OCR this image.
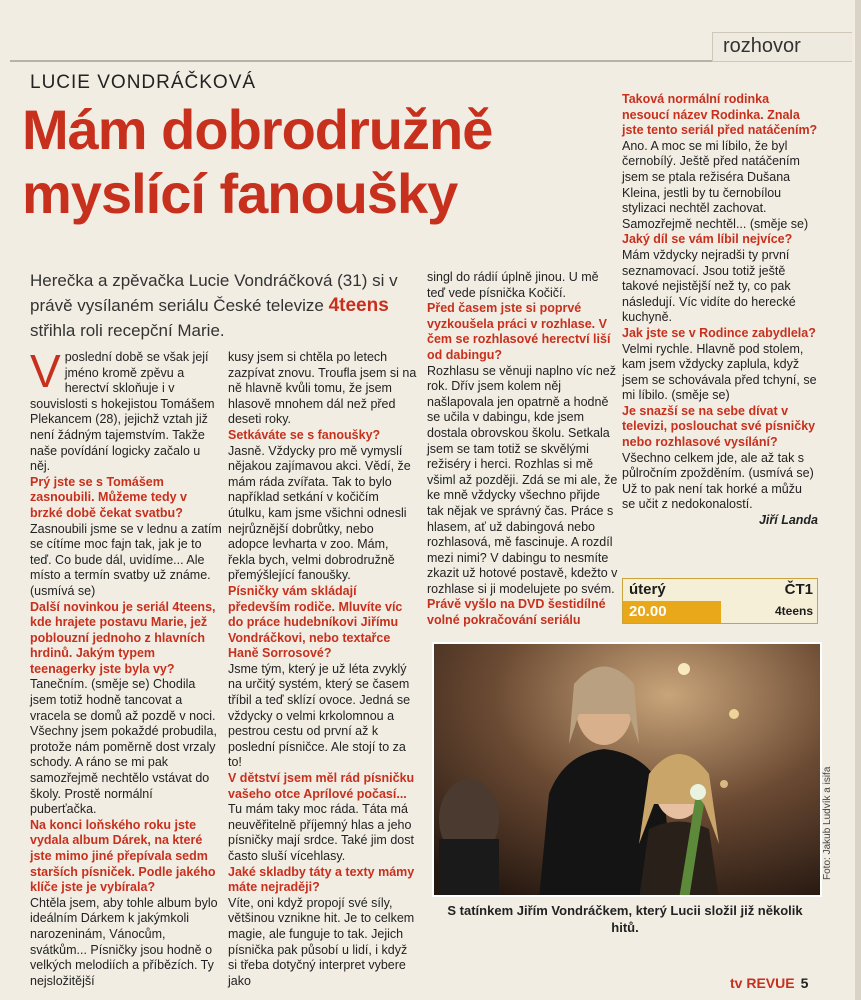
rozhovor
LUCIE VONDRÁČKOVÁ
Mám dobrodružně
myslící fanoušky
Herečka a zpěvačka Lucie Vondráčková (31) si v právě vysílaném seriálu České televize 4teens střihla roli recepční Marie.

Vposlední době se však její jméno kromě zpěvu a herectví skloňuje i v souvislosti s hokejistou Tomášem Plekancem (28), jejichž vztah již není žádným tajemstvím. Takže naše povídání logicky začalo u něj.

Prý jste se s Tomášem zasnoubili. Můžeme tedy v brzké době čekat svatbu?

Zasnoubili jsme se v lednu a zatím se cítíme moc fajn tak, jak je to teď. Co bude dál, uvidíme... Ale místo a termín svatby už známe. (usmívá se)

Další novinkou je seriál 4teens, kde hrajete postavu Marie, jež poblouzní jednoho z hlavních hrdinů. Jakým typem teenagerky jste byla vy?

Tanečním. (směje se) Chodila jsem totiž hodně tancovat a vracela se domů až pozdě v noci. Všechny jsem pokaždé probudila, protože nám poměrně dost vrzaly schody. A ráno se mi pak samozřejmě nechtělo vstávat do školy. Prostě normální puberťačka.

Na konci loňského roku jste vydala album Dárek, na které jste mimo jiné přepívala sedm starších písniček. Podle jakého klíče jste je vybírala?

Chtěla jsem, aby tohle album bylo ideálním Dárkem k jakýmkoli narozeninám, Vánocům, svátkům... Písničky jsou hodně o velkých melodiích a příbězích. Ty nejsložitější

kusy jsem si chtěla po letech zazpívat znovu. Troufla jsem si na ně hlavně kvůli tomu, že jsem hlasově mnohem dál než před deseti roky.

Setkáváte se s fanoušky?

Jasně. Vždycky pro mě vymyslí nějakou zajímavou akci. Vědí, že mám ráda zvířata. Tak to bylo například setkání v kočičím útulku, kam jsme všichni odnesli nejrůznější dobrůtky, nebo adopce levharta v zoo. Mám, řekla bych, velmi dobrodružně přemýšlející fanoušky.

Písničky vám skládají především rodiče. Mluvíte víc do práce hudebníkovi Jiřímu Vondráčkovi, nebo textařce Haně Sorrosové?

Jsme tým, který je už léta zvyklý na určitý systém, který se časem tříbil a teď sklízí ovoce. Jedná se vždycky o velmi krkolomnou a pestrou cestu od první až k poslední písničce. Ale stojí to za to!

V dětství jsem měl rád písničku vašeho otce Aprílové počasí...

Tu mám taky moc ráda. Táta má neuvěřitelně příjemný hlas a jeho písničky mají srdce. Také jim dost často sluší vícehlasy.

Jaké skladby táty a texty mámy máte nejraději?

Víte, oni když propojí své síly, většinou vznikne hit. Je to celkem magie, ale funguje to tak. Jejich písnička pak působí u lidí, i když si třeba dotyčný interpret vybere jako

singl do rádií úplně jinou. U mě teď vede písnička Kočičí.

Před časem jste si poprvé vyzkoušela práci v rozhlase. V čem se rozhlasové herectví liší od dabingu?

Rozhlasu se věnuji naplno víc než rok. Dřív jsem kolem něj našlapovala jen opatrně a hodně se učila v dabingu, kde jsem dostala obrovskou školu. Setkala jsem se tam totiž se skvělými režiséry i herci. Rozhlas si mě všiml až později. Zdá se mi ale, že ke mně vždycky všechno přijde tak nějak ve správný čas. Práce s hlasem, ať už dabingová nebo rozhlasová, mě fascinuje. A rozdíl mezi nimi? V dabingu to nesmíte zkazit už hotové postavě, kdežto v rozhlase si ji modelujete po svém.

Právě vyšlo na DVD šestidílné volné pokračování seriálu

Taková normální rodinka nesoucí název Rodinka. Znala jste tento seriál před natáčením?

Ano. A moc se mi líbilo, že byl černobílý. Ještě před natáčením jsem se ptala režiséra Dušana Kleina, jestli by tu černobílou stylizaci nechtěl zachovat. Samozřejmě nechtěl... (směje se)

Jaký díl se vám líbil nejvíce?

Mám vždycky nejradši ty první seznamovací. Jsou totiž ještě takové nejistější než ty, co pak následují. Víc vidíte do herecké kuchyně.

Jak jste se v Rodince zabydlela?

Velmi rychle. Hlavně pod stolem, kam jsem vždycky zaplula, když jsem se schovávala před tchyní, se mi líbilo. (směje se)

Je snazší se na sebe dívat v televizi, poslouchat své písničky nebo rozhlasové vysílání?

Všechno celkem jde, ale až tak s půlročním zpožděním. (usmívá se) Už to pak není tak horké a můžu se učit z nedokonalostí.

Jiří Landa

úterý	ČT1
20.00	4teens
S tatínkem Jiřím Vondráčkem, který Lucii složil již několik hitů.
Foto: Jakub Ludvík a isifa
tv REVUE 5
